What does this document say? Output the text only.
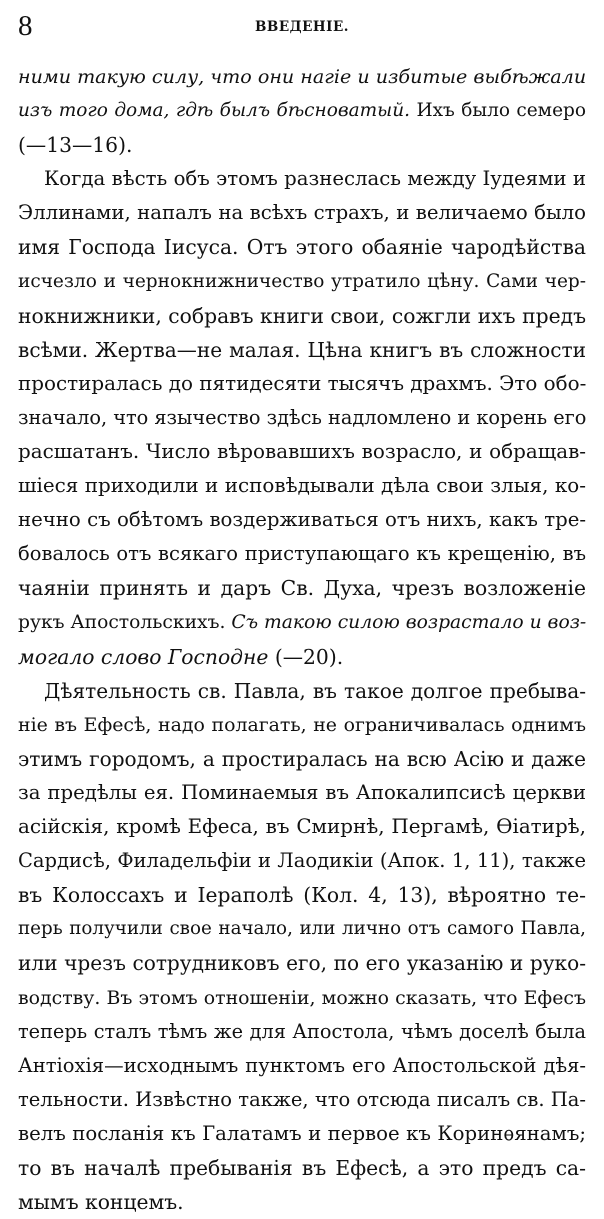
8	ВВЕДЕНІЕ.
ними такую силу, что они нагіе и избитые выбѣжали
изъ того дома, гдѣ былъ бѣсноватый. Ихъ было семеро
(—13—16).
Когда вѣсть объ этомъ разнеслась между Іудеями и
Эллинами, напалъ на всѣхъ страхъ, и величаемо было
имя Господа Іисуса. Отъ этого обаяніе чародѣйства
исчезло и чернокнижничество утратило цѣну. Сами чер-
нокнижники, собравъ книги свои, сожгли ихъ предъ
всѣми. Жертва—не малая. Цѣна книгъ въ сложности
простиралась до пятидесяти тысячъ драхмъ. Это обо-
значало, что язычество здѣсь надломлено и корень его
расшатанъ. Число вѣровавшихъ возрасло, и обращав-
шіеся приходили и исповѣдывали дѣла свои злыя, ко-
нечно съ обѣтомъ воздерживаться отъ нихъ, какъ тре-
бовалось отъ всякаго приступающаго къ крещенію, въ
чаяніи принять и даръ Св. Духа, чрезъ возложеніе
рукъ Апостольскихъ. Съ такою силою возрастало и воз-
могало слово Господне (—20).
Дѣятельность св. Павла, въ такое долгое пребыва-
ніе въ Ефесѣ, надо полагать, не ограничивалась однимъ
этимъ городомъ, а простиралась на всю Асію и даже
за предѣлы ея. Поминаемыя въ Апокалипсисѣ церкви
асійскія, кромѣ Ефеса, въ Смирнѣ, Пергамѣ, Ѳіатирѣ,
Сардисѣ, Филадельфіи и Лаодикіи (Апок. 1, 11), также
въ Колоссахъ и Іераполѣ (Кол. 4, 13), вѣроятно те-
перь получили свое начало, или лично отъ самого Павла,
или чрезъ сотрудниковъ его, по его указанію и руко-
водству. Въ этомъ отношеніи, можно сказать, что Ефесъ
теперь сталъ тѣмъ же для Апостола, чѣмъ доселѣ была
Антіохія—исходнымъ пунктомъ его Апостольской дѣя-
тельности. Извѣстно также, что отсюда писалъ св. Па-
велъ посланія къ Галатамъ и первое къ Коринѳянамъ;
то въ началѣ пребыванія въ Ефесѣ, а это предъ са-
мымъ концемъ.
